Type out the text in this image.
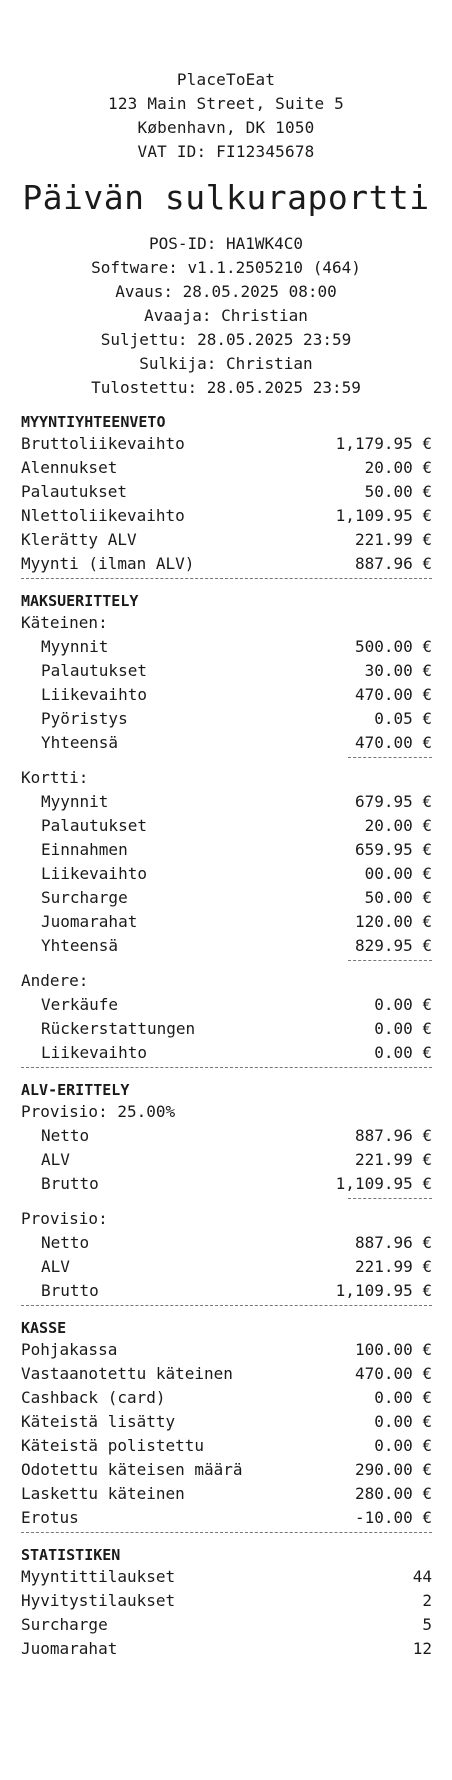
PlaceToEat
123 Main Street, Suite 5
København, DK 1050
VAT ID: FI12345678
Päivän sulkuraportti
POS-ID: HA1WK4C0
Software: v1.1.2505210 (464)
Avaus: 28.05.2025 08:00
Avaaja: Christian
Suljettu: 28.05.2025 23:59
Sulkija: Christian
Tulostettu: 28.05.2025 23:59
MYYNTIYHTEENVETO
Bruttoliikevaihto	1,179.95 €
Alennukset	20.00 €
Palautukset	50.00 €
Nlettoliikevaihto	1,109.95 €
Klerätty ALV	221.99 €
Myynti (ilman ALV)	887.96 €
MAKSUERITTELY
Käteinen:
Myynnit	500.00 €
Palautukset	30.00 €
Liikevaihto	470.00 €
Pyöristys	0.05 €
Yhteensä	470.00 €
Kortti:
Myynnit	679.95 €
Palautukset	20.00 €
Einnahmen	659.95 €
Liikevaihto	00.00 €
Surcharge	50.00 €
Juomarahat	120.00 €
Yhteensä	829.95 €
Andere:
Verkäufe	0.00 €
Rückerstattungen	0.00 €
Liikevaihto	0.00 €
ALV-ERITTELY
Provisio: 25.00%
Netto	887.96 €
ALV	221.99 €
Brutto	1,109.95 €
Provisio:
Netto	887.96 €
ALV	221.99 €
Brutto	1,109.95 €
KASSE
Pohjakassa	100.00 €
Vastaanotettu käteinen	470.00 €
Cashback (card)	0.00 €
Käteistä lisätty	0.00 €
Käteistä polistettu	0.00 €
Odotettu käteisen määrä	290.00 €
Laskettu käteinen	280.00 €
Erotus	-10.00 €
STATISTIKEN
Myyntittilaukset	44
Hyvitystilaukset	2
Surcharge	5
Juomarahat	12
